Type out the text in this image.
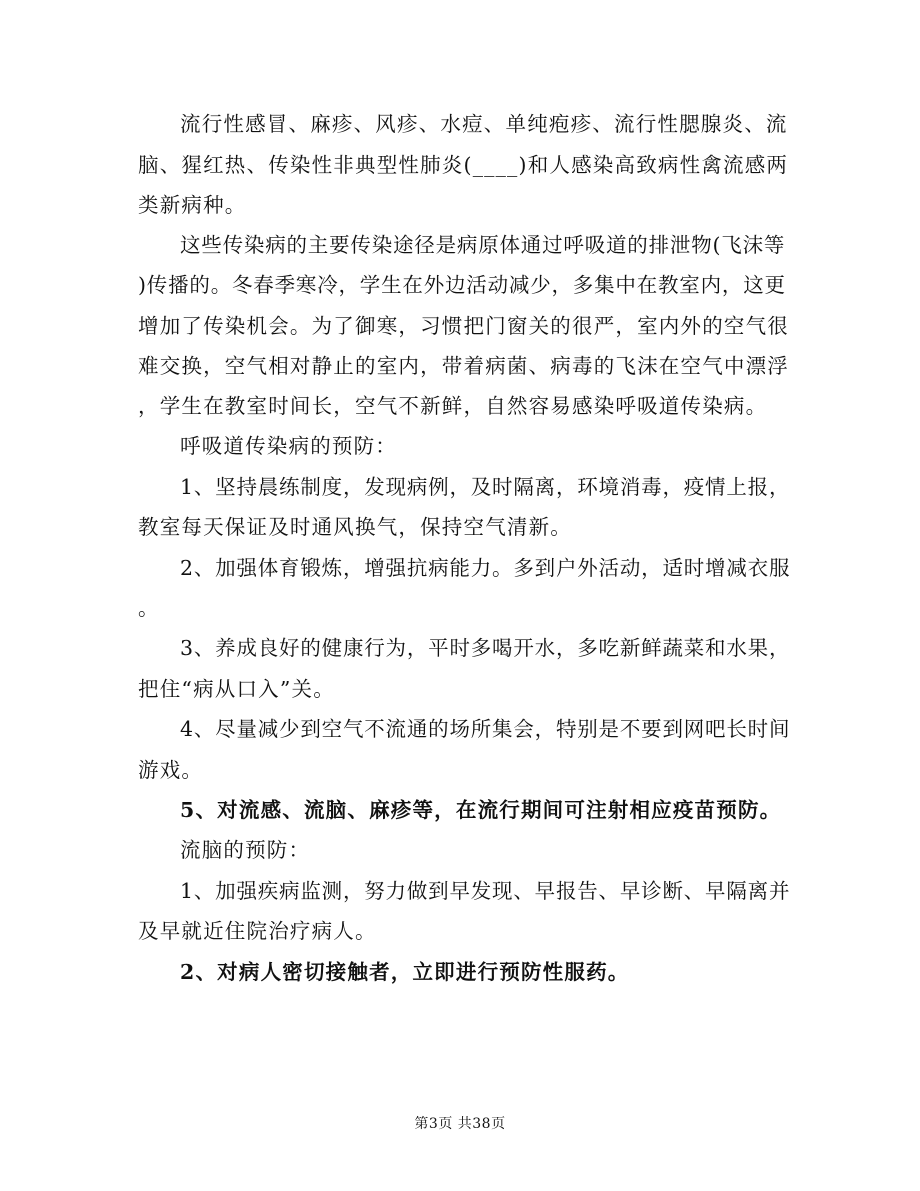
流行性感冒、麻疹、风疹、水痘、单纯疱疹、流行性腮腺炎、流
脑、猩红热、传染性非典型性肺炎(____)和人感染高致病性禽流感两
类新病种。
这些传染病的主要传染途径是病原体通过呼吸道的排泄物(飞沫等
)传播的。冬春季寒冷，学生在外边活动减少，多集中在教室内，这更
增加了传染机会。为了御寒，习惯把门窗关的很严，室内外的空气很
难交换，空气相对静止的室内，带着病菌、病毒的飞沫在空气中漂浮
，学生在教室时间长，空气不新鲜，自然容易感染呼吸道传染病。
呼吸道传染病的预防：
1、坚持晨练制度，发现病例，及时隔离，环境消毒，疫情上报，
教室每天保证及时通风换气，保持空气清新。
2、加强体育锻炼，增强抗病能力。多到户外活动，适时增减衣服
。
3、养成良好的健康行为，平时多喝开水，多吃新鲜蔬菜和水果，
把住“病从口入”关。
4、尽量减少到空气不流通的场所集会，特别是不要到网吧长时间
游戏。
5、对流感、流脑、麻疹等，在流行期间可注射相应疫苗预防。
流脑的预防：
1、加强疾病监测，努力做到早发现、早报告、早诊断、早隔离并
及早就近住院治疗病人。
2、对病人密切接触者，立即进行预防性服药。
第3页 共38页
